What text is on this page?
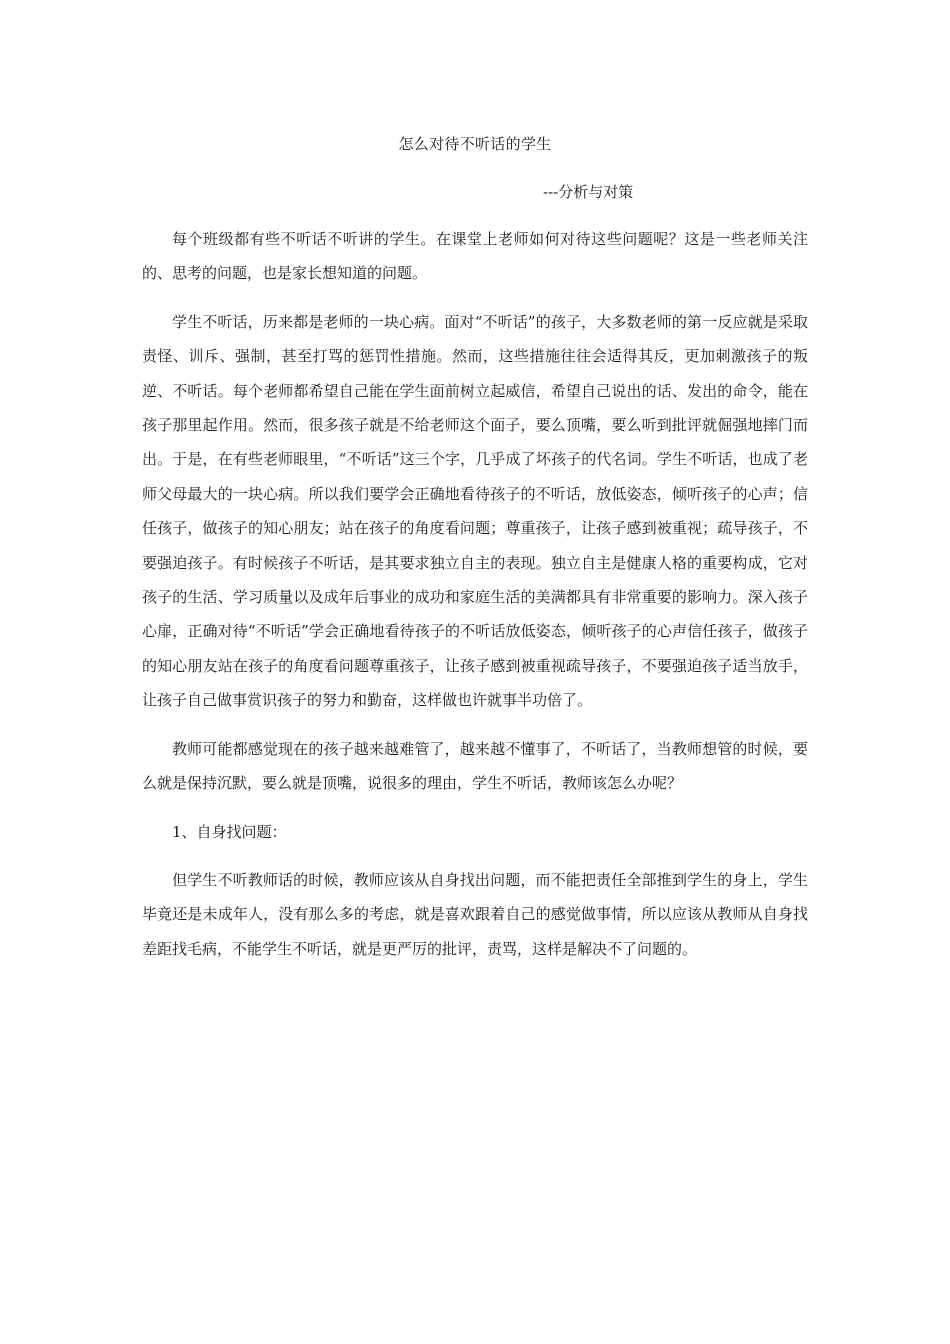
怎么对待不听话的学生
---分析与对策

每个班级都有些不听话不听讲的学生。在课堂上老师如何对待这些问题呢？这是一些老师关注的、思考的问题，也是家长想知道的问题。

学生不听话，历来都是老师的一块心病。面对“不听话”的孩子，大多数老师的第一反应就是采取责怪、训斥、强制，甚至打骂的惩罚性措施。然而，这些措施往往会适得其反，更加刺激孩子的叛逆、不听话。每个老师都希望自己能在学生面前树立起威信，希望自己说出的话、发出的命令，能在孩子那里起作用。然而，很多孩子就是不给老师这个面子，要么顶嘴，要么听到批评就倔强地摔门而出。于是，在有些老师眼里，“不听话”这三个字，几乎成了坏孩子的代名词。学生不听话，也成了老师父母最大的一块心病。所以我们要学会正确地看待孩子的不听话，放低姿态，倾听孩子的心声；信任孩子，做孩子的知心朋友；站在孩子的角度看问题；尊重孩子，让孩子感到被重视；疏导孩子，不要强迫孩子。有时候孩子不听话，是其要求独立自主的表现。独立自主是健康人格的重要构成，它对孩子的生活、学习质量以及成年后事业的成功和家庭生活的美满都具有非常重要的影响力。深入孩子心扉，正确对待“不听话”学会正确地看待孩子的不听话放低姿态，倾听孩子的心声信任孩子，做孩子的知心朋友站在孩子的角度看问题尊重孩子，让孩子感到被重视疏导孩子，不要强迫孩子适当放手，让孩子自己做事赏识孩子的努力和勤奋，这样做也许就事半功倍了。

教师可能都感觉现在的孩子越来越难管了，越来越不懂事了，不听话了，当教师想管的时候，要么就是保持沉默，要么就是顶嘴，说很多的理由，学生不听话，教师该怎么办呢？

1、自身找问题：

但学生不听教师话的时候，教师应该从自身找出问题，而不能把责任全部推到学生的身上，学生毕竟还是未成年人，没有那么多的考虑，就是喜欢跟着自己的感觉做事情，所以应该从教师从自身找差距找毛病，不能学生不听话，就是更严厉的批评，责骂，这样是解决不了问题的。
